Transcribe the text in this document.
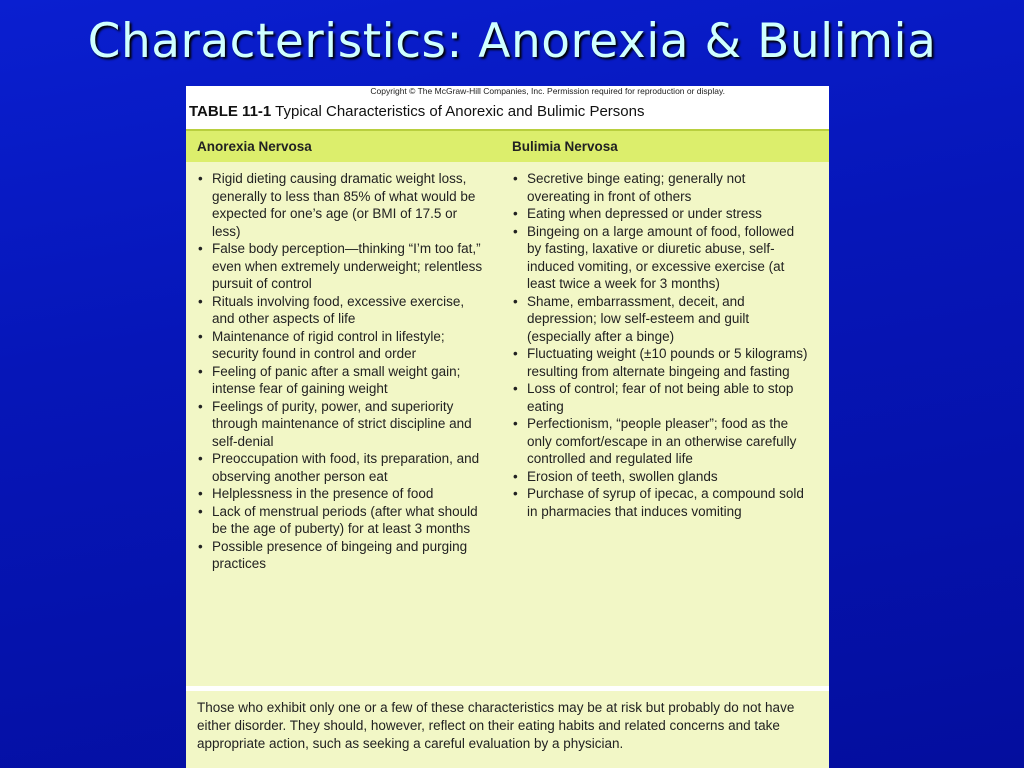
Characteristics: Anorexia & Bulimia
Copyright © The McGraw-Hill Companies, Inc. Permission required for reproduction or display.
TABLE 11-1 Typical Characteristics of Anorexic and Bulimic Persons
Anorexia Nervosa	Bulimia Nervosa
• Rigid dieting causing dramatic weight loss, generally to less than 85% of what would be expected for one’s age (or BMI of 17.5 or less)
• False body perception—thinking “I’m too fat,” even when extremely underweight; relentless pursuit of control
• Rituals involving food, excessive exercise, and other aspects of life
• Maintenance of rigid control in lifestyle; security found in control and order
• Feeling of panic after a small weight gain; intense fear of gaining weight
• Feelings of purity, power, and superiority through maintenance of strict discipline and self-denial
• Preoccupation with food, its preparation, and observing another person eat
• Helplessness in the presence of food
• Lack of menstrual periods (after what should be the age of puberty) for at least 3 months
• Possible presence of bingeing and purging practices
• Secretive binge eating; generally not overeating in front of others
• Eating when depressed or under stress
• Bingeing on a large amount of food, followed by fasting, laxative or diuretic abuse, self-induced vomiting, or excessive exercise (at least twice a week for 3 months)
• Shame, embarrassment, deceit, and depression; low self-esteem and guilt (especially after a binge)
• Fluctuating weight (±10 pounds or 5 kilograms) resulting from alternate bingeing and fasting
• Loss of control; fear of not being able to stop eating
• Perfectionism, “people pleaser”; food as the only comfort/escape in an otherwise carefully controlled and regulated life
• Erosion of teeth, swollen glands
• Purchase of syrup of ipecac, a compound sold in pharmacies that induces vomiting
Those who exhibit only one or a few of these characteristics may be at risk but probably do not have either disorder. They should, however, reflect on their eating habits and related concerns and take appropriate action, such as seeking a careful evaluation by a physician.
